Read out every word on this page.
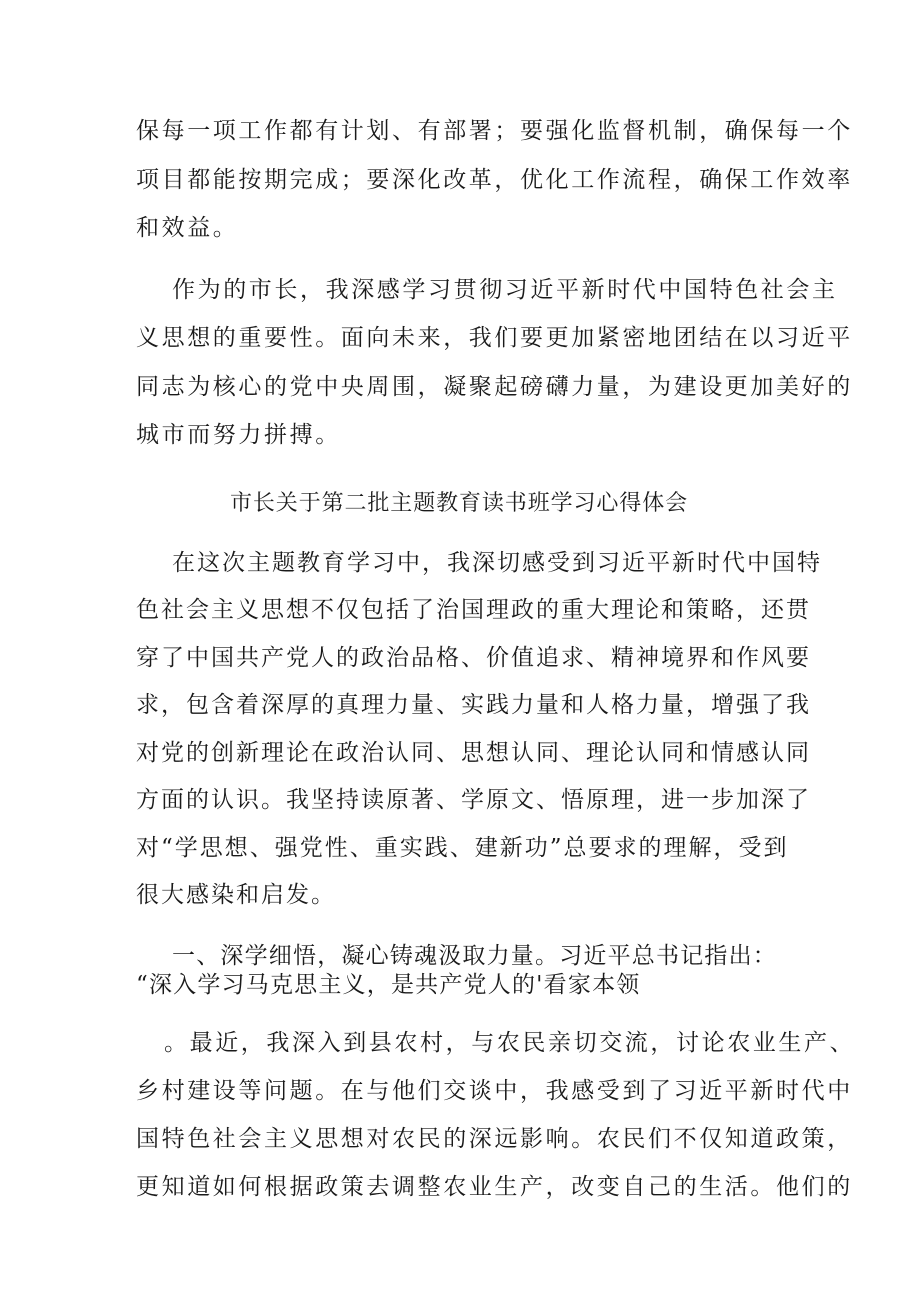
保每一项工作都有计划、有部署；要强化监督机制，确保每一个
项目都能按期完成；要深化改革，优化工作流程，确保工作效率
和效益。
作为的市长，我深感学习贯彻习近平新时代中国特色社会主
义思想的重要性。面向未来，我们要更加紧密地团结在以习近平
同志为核心的党中央周围，凝聚起磅礴力量，为建设更加美好的
城市而努力拼搏。
市长关于第二批主题教育读书班学习心得体会
在这次主题教育学习中，我深切感受到习近平新时代中国特
色社会主义思想不仅包括了治国理政的重大理论和策略，还贯
穿了中国共产党人的政治品格、价值追求、精神境界和作风要
求，包含着深厚的真理力量、实践力量和人格力量，增强了我
对党的创新理论在政治认同、思想认同、理论认同和情感认同
方面的认识。我坚持读原著、学原文、悟原理，进一步加深了
对“学思想、强党性、重实践、建新功”总要求的理解，受到
很大感染和启发。
一、深学细悟，凝心铸魂汲取力量。习近平总书记指出：
“深入学习马克思主义，是共产党人的'看家本领
。最近，我深入到县农村，与农民亲切交流，讨论农业生产、
乡村建设等问题。在与他们交谈中，我感受到了习近平新时代中
国特色社会主义思想对农民的深远影响。农民们不仅知道政策，
更知道如何根据政策去调整农业生产，改变自己的生活。他们的
